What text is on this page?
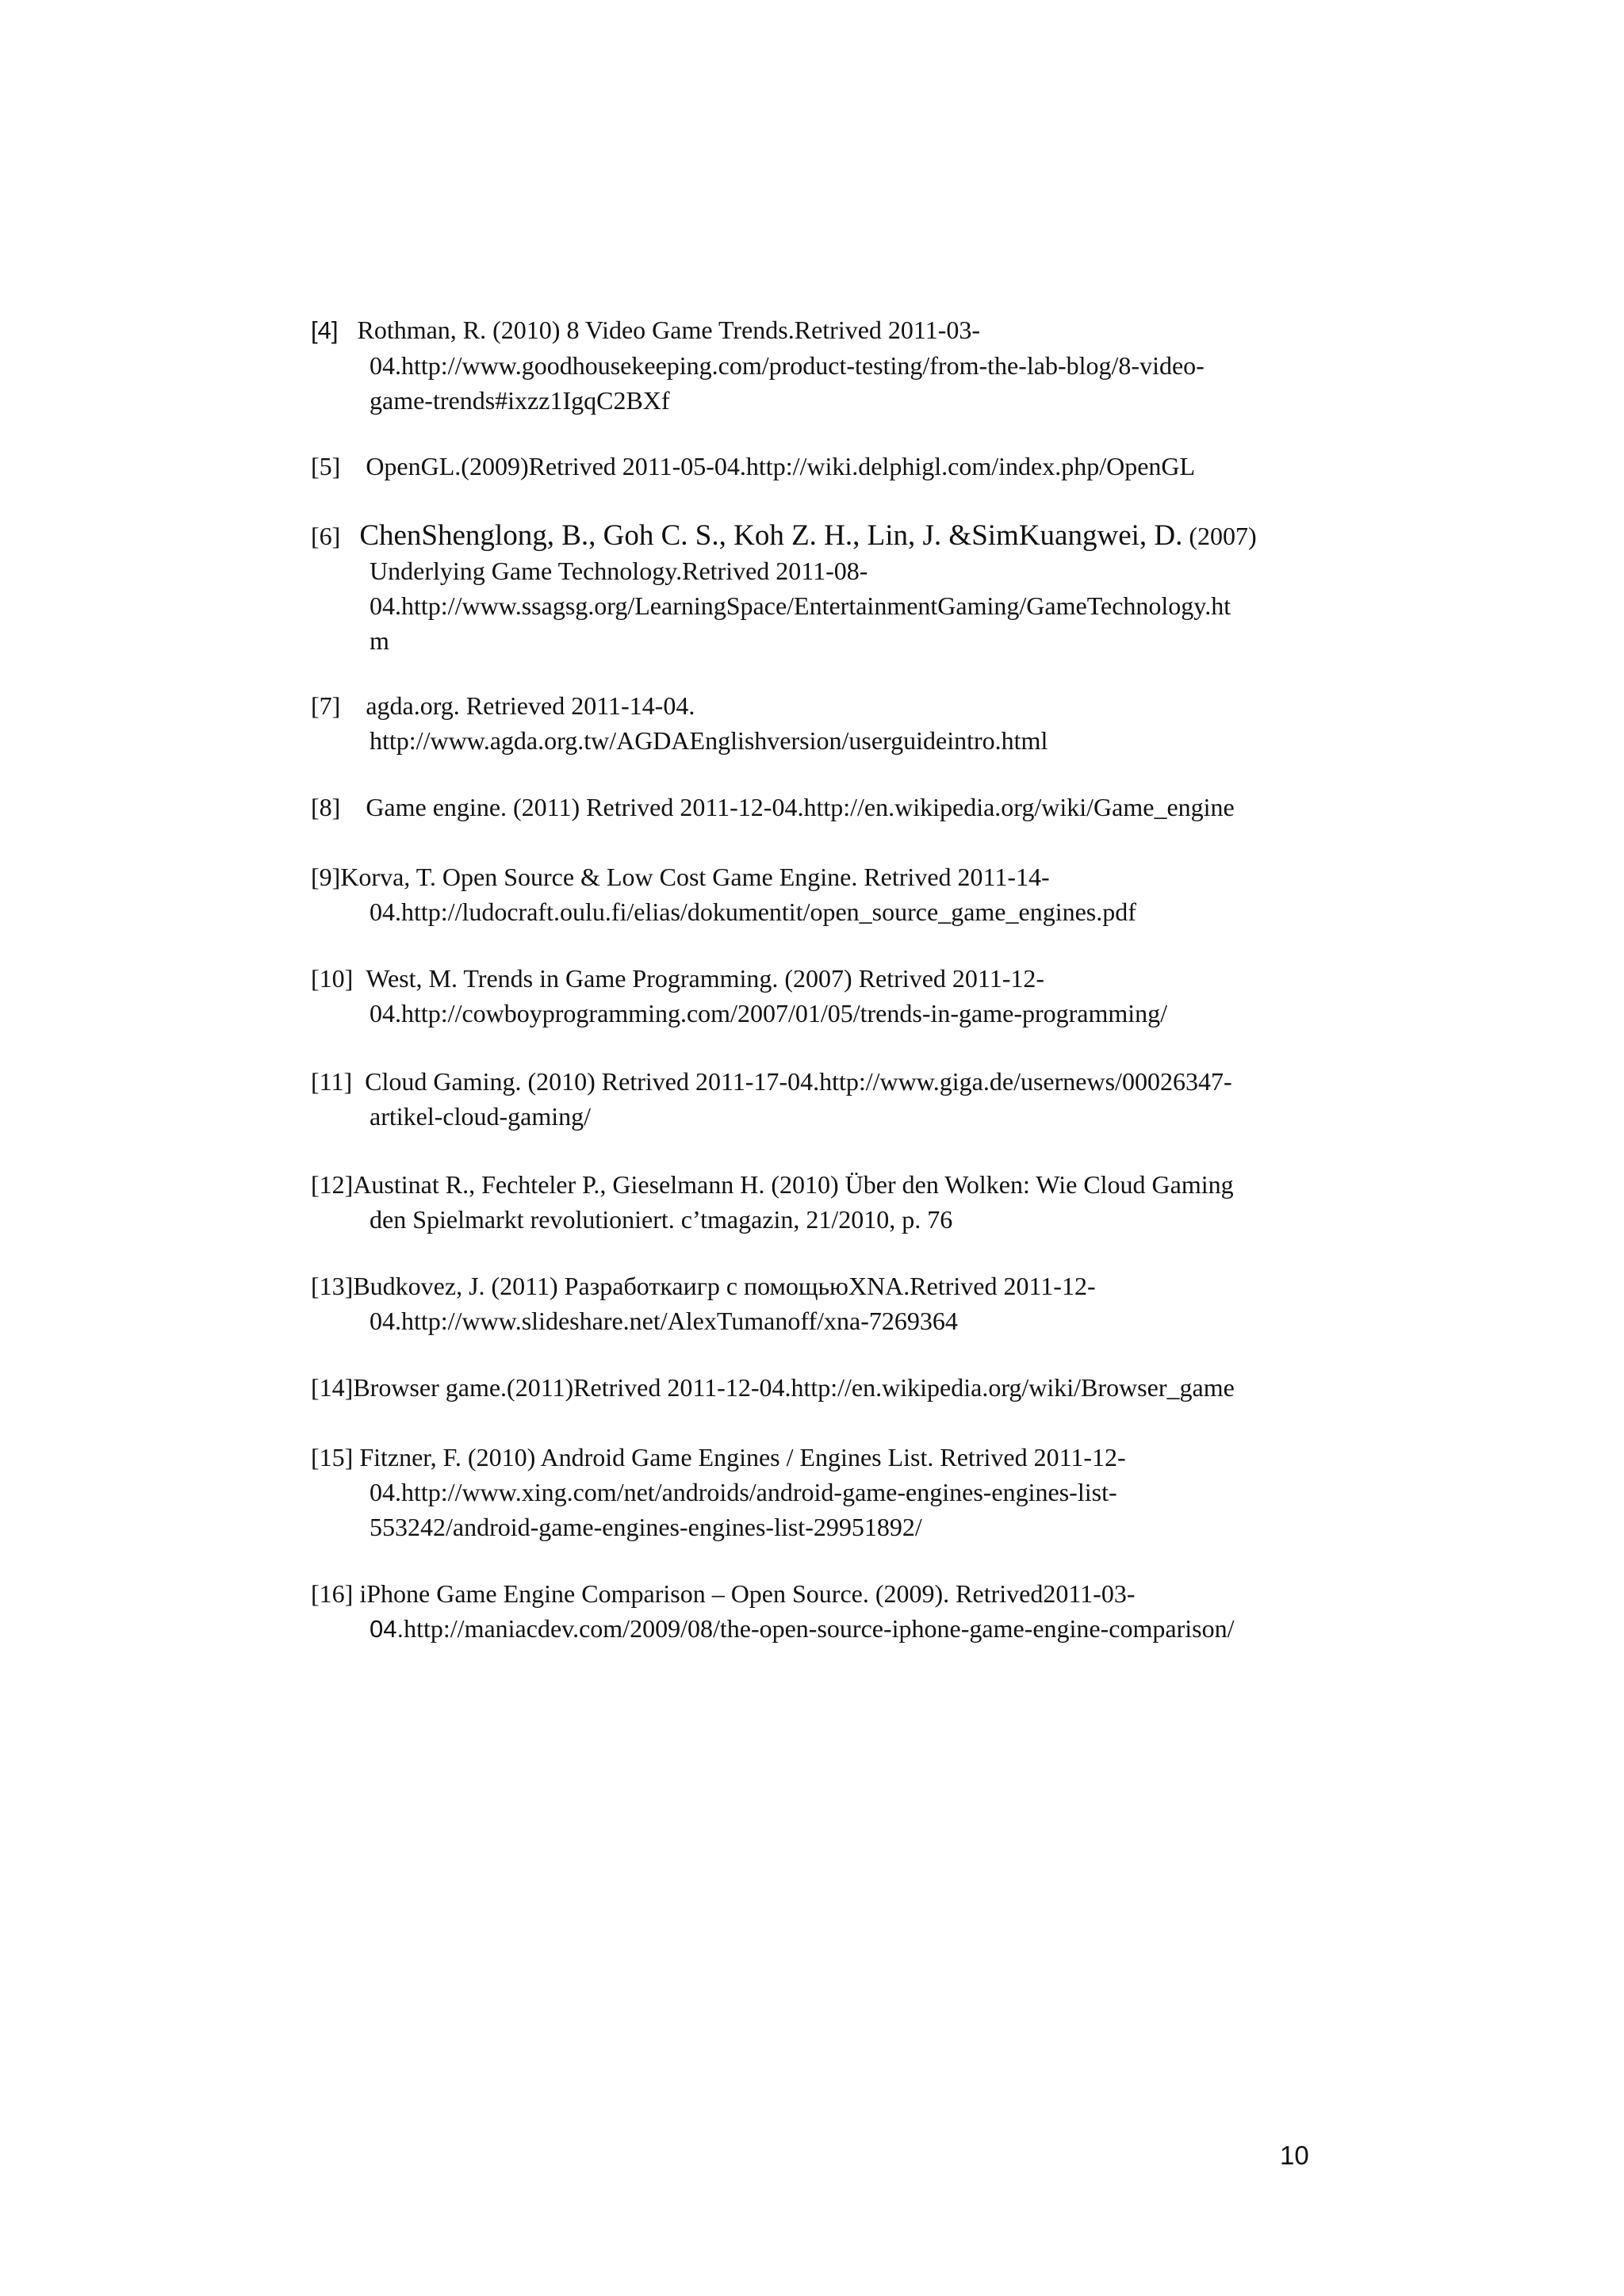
[4] Rothman, R. (2010) 8 Video Game Trends.Retrived 2011-03-
04.http://www.goodhousekeeping.com/product-testing/from-the-lab-blog/8-video-
game-trends#ixzz1IgqC2BXf
[5] OpenGL.(2009)Retrived 2011-05-04.http://wiki.delphigl.com/index.php/OpenGL
[6] ChenShenglong, B., Goh C. S., Koh Z. H., Lin, J. &SimKuangwei, D. (2007)
Underlying Game Technology.Retrived 2011-08-
04.http://www.ssagsg.org/LearningSpace/EntertainmentGaming/GameTechnology.ht
m
[7] agda.org. Retrieved 2011-14-04.
http://www.agda.org.tw/AGDAEnglishversion/userguideintro.html
[8] Game engine. (2011) Retrived 2011-12-04.http://en.wikipedia.org/wiki/Game_engine
[9]Korva, T. Open Source & Low Cost Game Engine. Retrived 2011-14-
04.http://ludocraft.oulu.fi/elias/dokumentit/open_source_game_engines.pdf
[10] West, M. Trends in Game Programming. (2007) Retrived 2011-12-
04.http://cowboyprogramming.com/2007/01/05/trends-in-game-programming/
[11] Cloud Gaming. (2010) Retrived 2011-17-04.http://www.giga.de/usernews/00026347-
artikel-cloud-gaming/
[12]Austinat R., Fechteler P., Gieselmann H. (2010) Über den Wolken: Wie Cloud Gaming
den Spielmarkt revolutioniert. c’tmagazin, 21/2010, p. 76
[13]Budkovez, J. (2011) Разработкаигр с помощьюXNA.Retrived 2011-12-
04.http://www.slideshare.net/AlexTumanoff/xna-7269364
[14]Browser game.(2011)Retrived 2011-12-04.http://en.wikipedia.org/wiki/Browser_game
[15] Fitzner, F. (2010) Android Game Engines / Engines List. Retrived 2011-12-
04.http://www.xing.com/net/androids/android-game-engines-engines-list-
553242/android-game-engines-engines-list-29951892/
[16] iPhone Game Engine Comparison – Open Source. (2009). Retrived2011-03-
04.http://maniacdev.com/2009/08/the-open-source-iphone-game-engine-comparison/
10
